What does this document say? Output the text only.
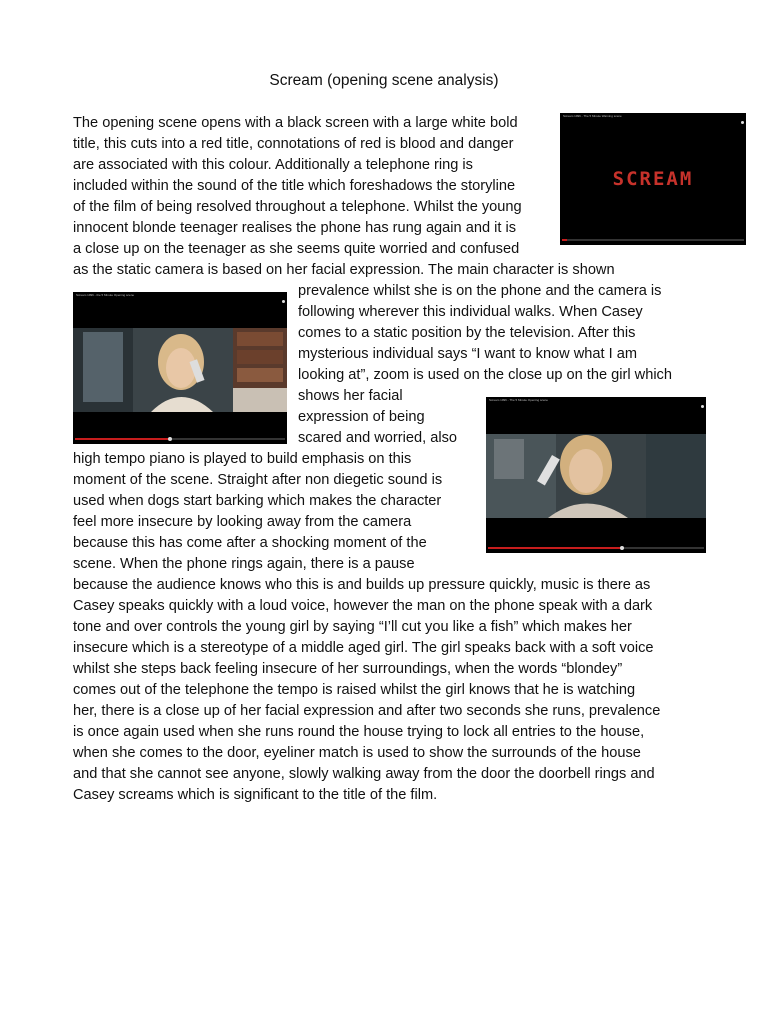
Scream (opening scene analysis)
The opening scene opens with a black screen with a large white bold
title, this cuts into a red title, connotations of red is blood and danger
are associated with this colour. Additionally a telephone ring is
included within the sound of the title which foreshadows the storyline
of the film of being resolved throughout a telephone. Whilst the young
innocent blonde teenager realises the phone has rung again and it is
a close up on the teenager as she seems quite worried and confused
as the static camera is based on her facial expression. The main character is shown
prevalence whilst she is on the phone and the camera is
following wherever this individual walks. When Casey
comes to a static position by the television. After this
mysterious individual says “I want to know what I am
looking at”, zoom is used on the close up on the girl which
shows her facial
expression of being
scared and worried, also
high tempo piano is played to build emphasis on this
moment of the scene. Straight after non diegetic sound is
used when dogs start barking which makes the character
feel more insecure by looking away from the camera
because this has come after a shocking moment of the
scene. When the phone rings again, there is a pause
because the audience knows who this is and builds up pressure quickly, music is there as
Casey speaks quickly with a loud voice, however the man on the phone speak with a dark
tone and over controls the young girl by saying “I’ll cut you like a fish” which makes her
insecure which is a stereotype of a middle aged girl. The girl speaks back with a soft voice
whilst she steps back feeling insecure of her surroundings, when the words “blondey”
comes out of the telephone the tempo is raised whilst the girl knows that he is watching
her, there is a close up of her facial expression and after two seconds she runs, prevalence
is once again used when she runs round the house trying to lock all entries to the house,
when she comes to the door, eyeliner match is used to show the surrounds of the house
and that she cannot see anyone, slowly walking away from the door the doorbell rings and
Casey screams which is significant to the title of the film.
Scream 1996 - The 5 Minute Warning scene
SCREAM
Scream 1996 - the 5 Minute Opening scene
Scream 1996 - The 5 Minute Opening scene
